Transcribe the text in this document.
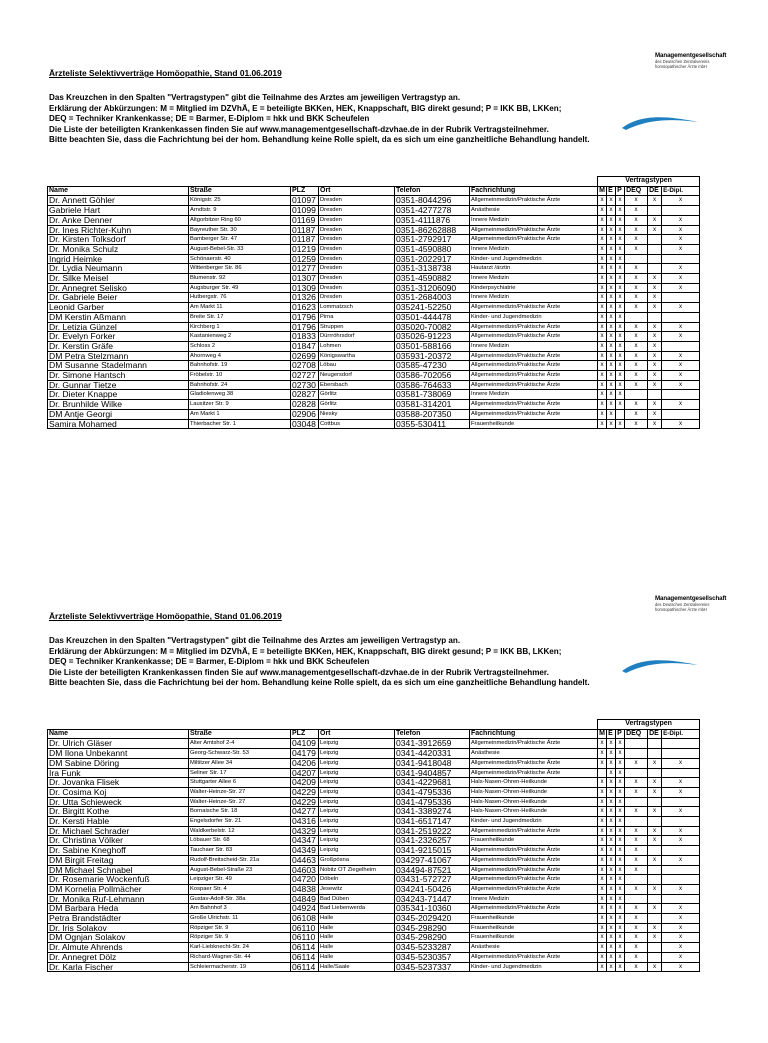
Managementgesellschaft
des Deutschen Zentralvereins
homöopathischer Ärzte mbH
Ärzteliste Selektivverträge Homöopathie, Stand 01.06.2019
Das Kreuzchen in den Spalten "Vertragstypen" gibt die Teilnahme des Arztes am jeweiligen Vertragstyp an.
Erklärung der Abkürzungen: M = Mitglied im DZVhÄ, E = beteiligte BKKen, HEK, Knappschaft, BIG direkt gesund; P = IKK BB, LKKen;
DEQ = Techniker Krankenkasse; DE = Barmer, E-Diplom = hkk und BKK Scheufelen
Die Liste der beteiligten Krankenkassen finden Sie auf www.managementgesellschaft-dzvhae.de in der Rubrik Vertragsteilnehmer.
Bitte beachten Sie, dass die Fachrichtung bei der hom. Behandlung keine Rolle spielt, da es sich um eine ganzheitliche Behandlung handelt.
						Vertragstypen					
Name	Straße	PLZ	Ort	Telefon	Fachrichtung	M	E	P	DEQ	DE	E-Dipl.
Dr. Annett Göhler	Königstr. 25	01097	Dresden	0351-8044296	Allgemeinmedizin/Praktische Ärzte	x	x	x	x	x	x
Gabriele Hart	Arndtstr. 9	01099	Dresden	0351-4277278	Anästhesie	x	x	x	x		
Dr. Anke Denner	Altgorbitzer Ring 60	01169	Dresden	0351-4111876	Innere Medizin	x	x	x	x	x	x
Dr. Ines Richter-Kuhn	Bayreuther Str. 30	01187	Dresden	0351-86262888	Allgemeinmedizin/Praktische Ärzte	x	x	x	x	x	x
Dr. Kirsten Tolksdorf	Bamberger Str. 47	01187	Dresden	0351-2792917	Allgemeinmedizin/Praktische Ärzte	x	x	x	x		x
Dr. Monika Schulz	August-Bebel-Str. 33	01219	Dresden	0351-4590880	Innere Medizin	x	x	x	x		x
Ingrid Heimke	Schönaerstr. 40	01259	Dresden	0351-2022917	Kinder- und Jugendmedizin	x	x	x			
Dr. Lydia Neumann	Wittenberger Str. 86	01277	Dresden	0351-3138738	Hautarzt /ärztin	x	x	x	x		x
Dr. Silke Meisel	Blumenstr. 92	01307	Dresden	0351-4590882	Innere Medizin	x	x	x	x	x	x
Dr. Annegret Selisko	Augsburger Str. 49	01309	Dresden	0351-31206090	Kinderpsychiatrie	x	x	x	x	x	x
Dr. Gabriele Beier	Hutbergstr. 76	01326	Dresden	0351-2684003	Innere Medizin	x	x	x	x	x	
Leonid Garber	Am Markt 11	01623	Lommatzsch	035241-52250	Allgemeinmedizin/Praktische Ärzte	x	x	x	x	x	x
DM Kerstin Aßmann	Breite Str. 17	01796	Pirna	03501-444478	Kinder- und Jugendmedizin	x	x	x			
Dr. Letizia Günzel	Kirchberg 1	01796	Struppen	035020-70082	Allgemeinmedizin/Praktische Ärzte	x	x	x	x	x	x
Dr. Evelyn Forker	Kastanienweg 2	01833	Dürrröhrsdorf	035026-91223	Allgemeinmedizin/Praktische Ärzte	x	x	x	x	x	x
Dr. Kerstin Gräfe	Schloss 2	01847	Lohmen	03501-588166	Innere Medizin	x	x	x	x	x	
DM Petra Stelzmann	Ahornweg 4	02699	Königswartha	035931-20372	Allgemeinmedizin/Praktische Ärzte	x	x	x	x	x	x
DM Susanne Stadelmann	Bahnhofstr. 19	02708	Löbau	03585-47230	Allgemeinmedizin/Praktische Ärzte	x	x	x	x	x	x
Dr. Simone Hantsch	Fröbelstr. 10	02727	Neugersdorf	03586-702056	Allgemeinmedizin/Praktische Ärzte	x	x	x	x	x	x
Dr. Gunnar Tietze	Bahnhofstr. 24	02730	Ebersbach	03586-764633	Allgemeinmedizin/Praktische Ärzte	x	x	x	x	x	x
Dr. Dieter Knappe	Gladiolenweg 38	02827	Görlitz	03581-738069	Innere Medizin	x	x	x			
Dr. Brunhilde Wilke	Lausitzer Str. 9	02828	Görlitz	03581-314201	Allgemeinmedizin/Praktische Ärzte	x	x	x	x	x	x
DM Antje Georgi	Am Markt 1	02906	Niesky	03588-207350	Allgemeinmedizin/Praktische Ärzte	x	x		x	x	
Samira Mohamed	Thierbacher Str. 1	03048	Cottbus	0355-530411	Frauenheilkunde	x	x	x	x	x	x
Managementgesellschaft
des Deutschen Zentralvereins
homöopathischer Ärzte mbH
Ärzteliste Selektivverträge Homöopathie, Stand 01.06.2019
Das Kreuzchen in den Spalten "Vertragstypen" gibt die Teilnahme des Arztes am jeweiligen Vertragstyp an.
Erklärung der Abkürzungen: M = Mitglied im DZVhÄ, E = beteiligte BKKen, HEK, Knappschaft, BIG direkt gesund; P = IKK BB, LKKen;
DEQ = Techniker Krankenkasse; DE = Barmer, E-Diplom = hkk und BKK Scheufelen
Die Liste der beteiligten Krankenkassen finden Sie auf www.managementgesellschaft-dzvhae.de in der Rubrik Vertragsteilnehmer.
Bitte beachten Sie, dass die Fachrichtung bei der hom. Behandlung keine Rolle spielt, da es sich um eine ganzheitliche Behandlung handelt.
						Vertragstypen					
Name	Straße	PLZ	Ort	Telefon	Fachrichtung	M	E	P	DEQ	DE	E-Dipl.
Dr. Ulrich Gläser	Alter Amtshof 2-4	04109	Leipzig	0341-3912659	Allgemeinmedizin/Praktische Ärzte	x	x	x			
DM Ilona Unbekannt	Georg-Schwarz-Str. 53	04179	Leipzig	0341-4420331	Anästhesie	x	x	x			
DM Sabine Döring	Miltitzer Allee 34	04206	Leipzig	0341-9418048	Allgemeinmedizin/Praktische Ärzte	x	x	x	x	x	x
Ira Funk	Seliner Str. 17	04207	Leipzig	0341-9404857	Allgemeinmedizin/Praktische Ärzte		x	x			
Dr. Jovanka Flisek	Stuttgarter Allee 6	04209	Leipzig	0341-4229681	Hals-Nasen-Ohren-Heilkunde	x	x	x	x	x	x
Dr. Cosima Koj	Walter-Heinze-Str. 27	04229	Leipzig	0341-4795336	Hals-Nasen-Ohren-Heilkunde	x	x	x	x	x	x
Dr. Utta Schieweck	Walter-Heinze-Str. 27	04229	Leipzig	0341-4795336	Hals-Nasen-Ohren-Heilkunde	x	x	x			
Dr. Birgitt Kothe	Bornaische Str. 18	04277	Leipzig	0341-3389274	Hals-Nasen-Ohren-Heilkunde	x	x	x	x	x	x
Dr. Kersti Hable	Engelsdorfer Str. 21	04316	Leipzig	0341-6517147	Kinder- und Jugendmedizin	x	x	x			
Dr. Michael Schrader	Waldkerbelstr. 12	04329	Leipzig	0341-2519222	Allgemeinmedizin/Praktische Ärzte	x	x	x	x	x	x
Dr. Christina Völker	Löbauer Str. 68	04347	Leipzig	0341-2326257	Frauenheilkunde	x	x	x	x	x	x
Dr. Sabine Kneghoff	Tauchaer Str. 83	04349	Leipzig	0341-9215015	Allgemeinmedizin/Praktische Ärzte	x	x	x	x		
DM Birgit Freitag	Rudolf-Breitscheid-Str. 21a	04463	Großpösna	034297-41067	Allgemeinmedizin/Praktische Ärzte	x	x	x	x	x	x
DM Michael Schnabel	August-Bebel-Straße 23	04603	Nobitz OT Ziegelheim	034494-87521	Allgemeinmedizin/Praktische Ärzte	x	x	x	x		
Dr. Rosemarie Wockenfuß	Leipziger Str. 49	04720	Döbeln	03431-572727	Allgemeinmedizin/Praktische Ärzte	x	x	x			
DM Kornelia Pollmächer	Kospaer Str. 4	04838	Jesewitz	034241-50426	Allgemeinmedizin/Praktische Ärzte	x	x	x	x	x	x
Dr. Monika Ruf-Lehmann	Gustav-Adolf-Str. 38a	04849	Bad Düben	034243-71447	Innere Medizin	x	x	x			
DM Barbara Heda	Am Bahnhof 3	04924	Bad Liebenwerda	035341-10360	Allgemeinmedizin/Praktische Ärzte	x	x	x	x	x	x
Petra Brandstädter	Große Ulrichstr. 11	06108	Halle	0345-2029420	Frauenheilkunde	x	x	x	x		x
Dr. Iris Solakov	Röpziger Str. 9	06110	Halle	0345-298290	Frauenheilkunde	x	x	x	x	x	x
DM Ognjan Solakov	Röpziger Str. 9	06110	Halle	0345-298290	Frauenheilkunde	x	x	x	x	x	x
Dr. Almute Ahrends	Karl-Liebknecht-Str. 24	06114	Halle	0345-5233287	Anästhesie	x	x	x	x		x
Dr. Annegret Dölz	Richard-Wagner-Str. 44	06114	Halle	0345-5230357	Allgemeinmedizin/Praktische Ärzte	x	x	x	x		x
Dr. Karla Fischer	Schleiermacherstr. 19	06114	Halle/Saale	0345-5237337	Kinder- und Jugendmedizin	x	x	x	x	x	x
